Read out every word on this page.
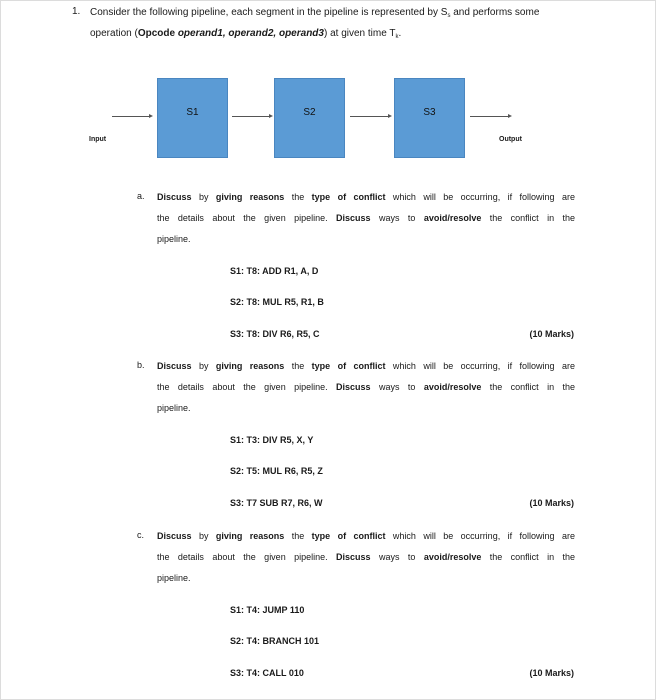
1. Consider the following pipeline, each segment in the pipeline is represented by $S_s$ and performs some
operation (Opcode operand1, operand2, operand3) at given time $T_k$.
S1	S2	S3
Input	Output
a. Discuss by giving reasons the type of conflict which will be occurring, if following are
the details about the given pipeline. Discuss ways to avoid/resolve the conflict in the
pipeline.
S1: T8: ADD R1, A, D
S2: T8: MUL R5, R1, B
S3: T8: DIV R6, R5, C	(10 Marks)
b. Discuss by giving reasons the type of conflict which will be occurring, if following are
the details about the given pipeline. Discuss ways to avoid/resolve the conflict in the
pipeline.
S1: T3: DIV R5, X, Y
S2: T5: MUL R6, R5, Z
S3: T7 SUB R7, R6, W	(10 Marks)
c. Discuss by giving reasons the type of conflict which will be occurring, if following are
the details about the given pipeline. Discuss ways to avoid/resolve the conflict in the
pipeline.
S1: T4: JUMP 110
S2: T4: BRANCH 101
S3: T4: CALL 010	(10 Marks)
